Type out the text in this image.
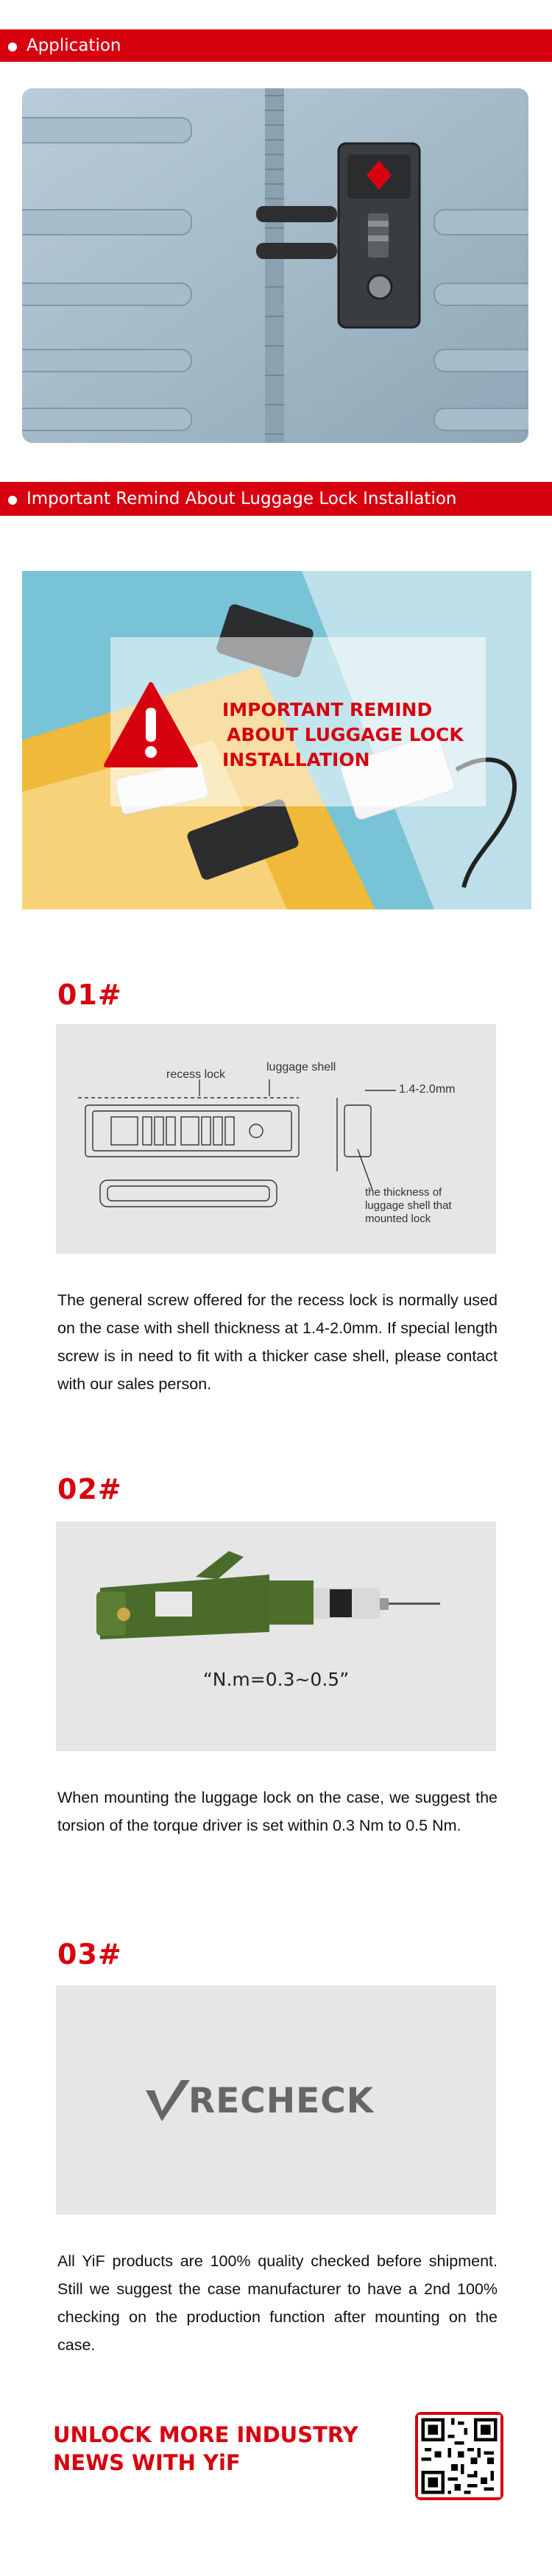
● Application
● Important Remind About Luggage Lock Installation
IMPORTANT REMIND
ABOUT LUGGAGE LOCK
INSTALLATION
01#
recess lock
luggage shell
1.4-2.0mm
the thickness of
luggage shell that
mounted lock
The general screw offered for the recess lock is normally used on the case with shell thickness at 1.4-2.0mm. If special length screw is in need to fit with a thicker case shell, please contact with our sales person.
02#
“N.m=0.3~0.5”
When mounting the luggage lock on the case, we suggest the torsion of the torque driver is set within 0.3 Nm to 0.5 Nm.
03#
RECHECK
All YiF products are 100% quality checked before shipment. Still we suggest the case manufacturer to have a 2nd 100% checking on the production function after mounting on the case.
UNLOCK MORE INDUSTRY
NEWS WITH YiF
